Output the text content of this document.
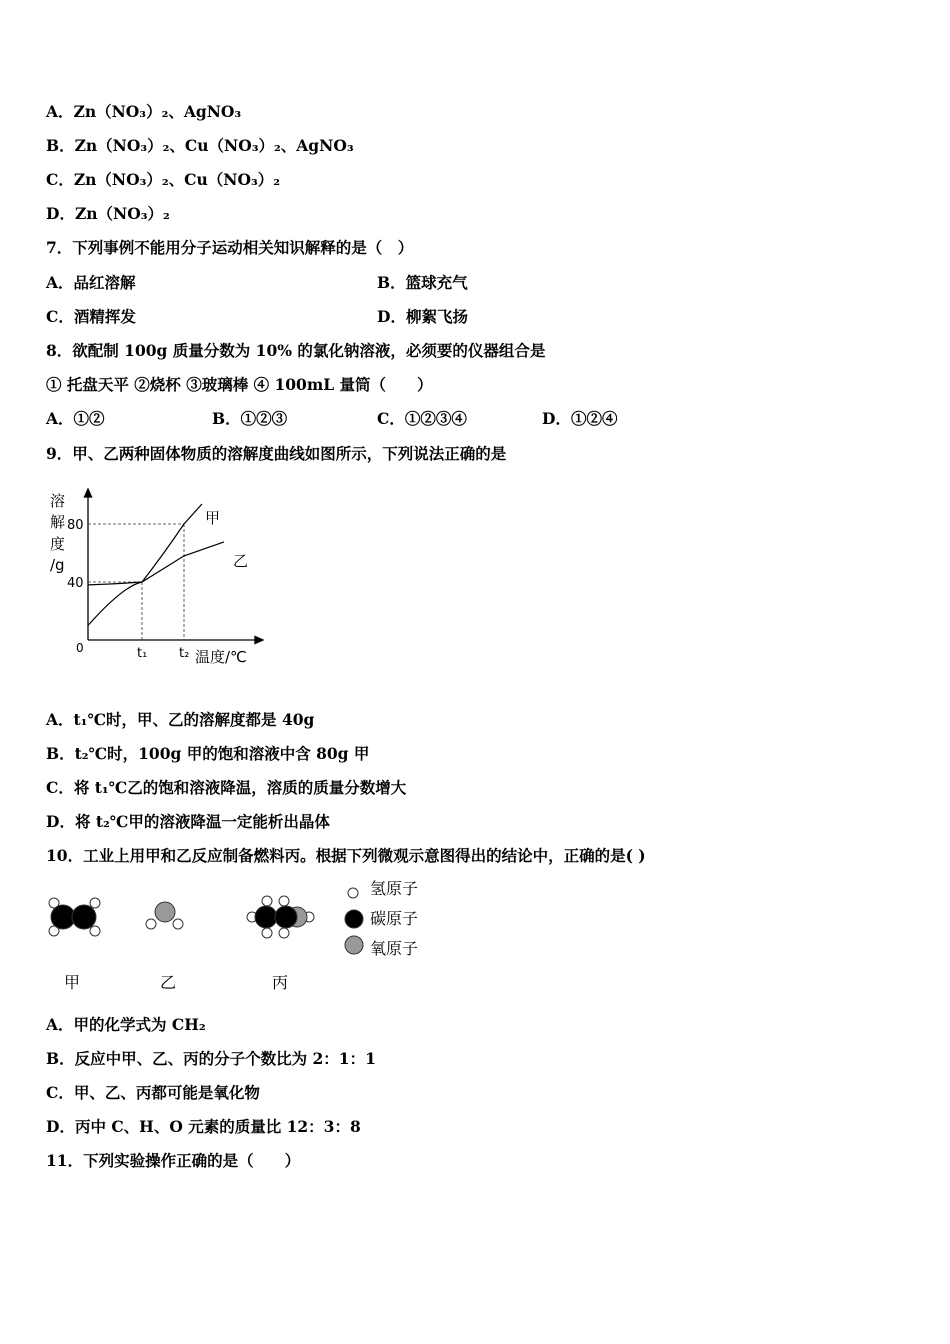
A．Zn（NO₃）₂、AgNO₃
B．Zn（NO₃）₂、Cu（NO₃）₂、AgNO₃
C．Zn（NO₃）₂、Cu（NO₃）₂
D．Zn（NO₃）₂
7．下列事例不能用分子运动相关知识解释的是（　）
A．品红溶解	B．篮球充气
C．酒精挥发	D．柳絮飞扬
8．欲配制 100g 质量分数为 10% 的氯化钠溶液，必须要的仪器组合是
① 托盘天平 ②烧杯 ③玻璃棒 ④ 100mL 量筒（　　）
A．①②	B．①②③	C．①②③④	D．①②④
9．甲、乙两种固体物质的溶解度曲线如图所示，下列说法正确的是
溶
解
度
/g
0	温度/℃
甲
乙
40
80
t₁ t₂
A．t₁℃时，甲、乙的溶解度都是 40g
B．t₂℃时，100g 甲的饱和溶液中含 80g 甲
C．将 t₁℃乙的饱和溶液降温，溶质的质量分数增大
D．将 t₂℃甲的溶液降温一定能析出晶体
10．工业上用甲和乙反应制备燃料丙。根据下列微观示意图得出的结论中，正确的是( )
氢原子
碳原子
氧原子
甲	乙	丙
A．甲的化学式为 CH₂
B．反应中甲、乙、丙的分子个数比为 2：1：1
C．甲、乙、丙都可能是氧化物
D．丙中 C、H、O 元素的质量比 12：3：8
11．下列实验操作正确的是（　　）
